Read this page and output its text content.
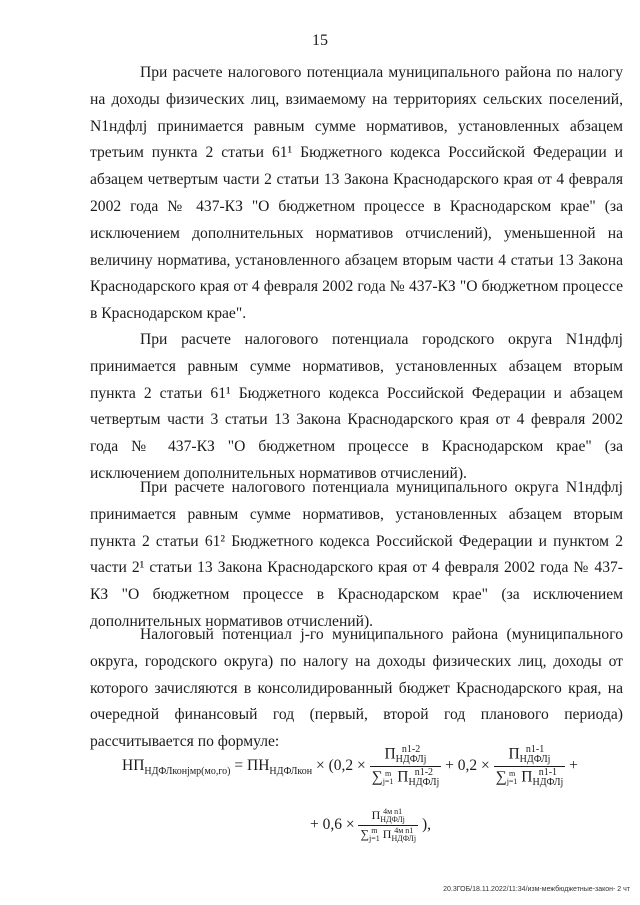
15

При расчете налогового потенциала муниципального района по налогу на доходы физических лиц, взимаемому на территориях сельских поселений, N1ндфлj принимается равным сумме нормативов, установленных абзацем третьим пункта 2 статьи 61¹ Бюджетного кодекса Российской Федерации и абзацем четвертым части 2 статьи 13 Закона Краснодарского края от 4 февраля 2002 года № 437-КЗ "О бюджетном процессе в Краснодарском крае" (за исключением дополнительных нормативов отчислений), уменьшенной на величину норматива, установленного абзацем вторым части 4 статьи 13 Закона Краснодарского края от 4 февраля 2002 года № 437-КЗ "О бюджетном процессе в Краснодарском крае".

При расчете налогового потенциала городского округа N1ндфлj принимается равным сумме нормативов, установленных абзацем вторым пункта 2 статьи 61¹ Бюджетного кодекса Российской Федерации и абзацем четвертым части 3 статьи 13 Закона Краснодарского края от 4 февраля 2002 года № 437-КЗ "О бюджетном процессе в Краснодарском крае" (за исключением дополнительных нормативов отчислений).

При расчете налогового потенциала муниципального округа N1ндфлj принимается равным сумме нормативов, установленных абзацем вторым пункта 2 статьи 61² Бюджетного кодекса Российской Федерации и пунктом 2 части 2¹ статьи 13 Закона Краснодарского края от 4 февраля 2002 года № 437-КЗ "О бюджетном процессе в Краснодарском крае" (за исключением дополнительных нормативов отчислений).

Налоговый потенциал j-го муниципального района (муниципального округа, городского округа) по налогу на доходы физических лиц, доходы от которого зачисляются в консолидированный бюджет Краснодарского края, на очередной финансовый год (первый, второй год планового периода) рассчитывается по формуле:

$НП_{НДФЛконjмр(мо,го)} = ПН_{НДФЛкон} \times (0,2 \times П$ n1-2
НДФЛj
∑ m
j=1 П n1-2
НДФЛj + 0,2 × П n1-1
НДФЛj
∑ m
j=1 П n1-1
НДФЛj +
+ 0,6 × П 4м n1
НДФЛj
∑ m
j=1 П 4м n1
НДФЛj ),
20.3ГОБ/18.11.2022/11:34/изм-межбюджетные-закон- 2 чт
